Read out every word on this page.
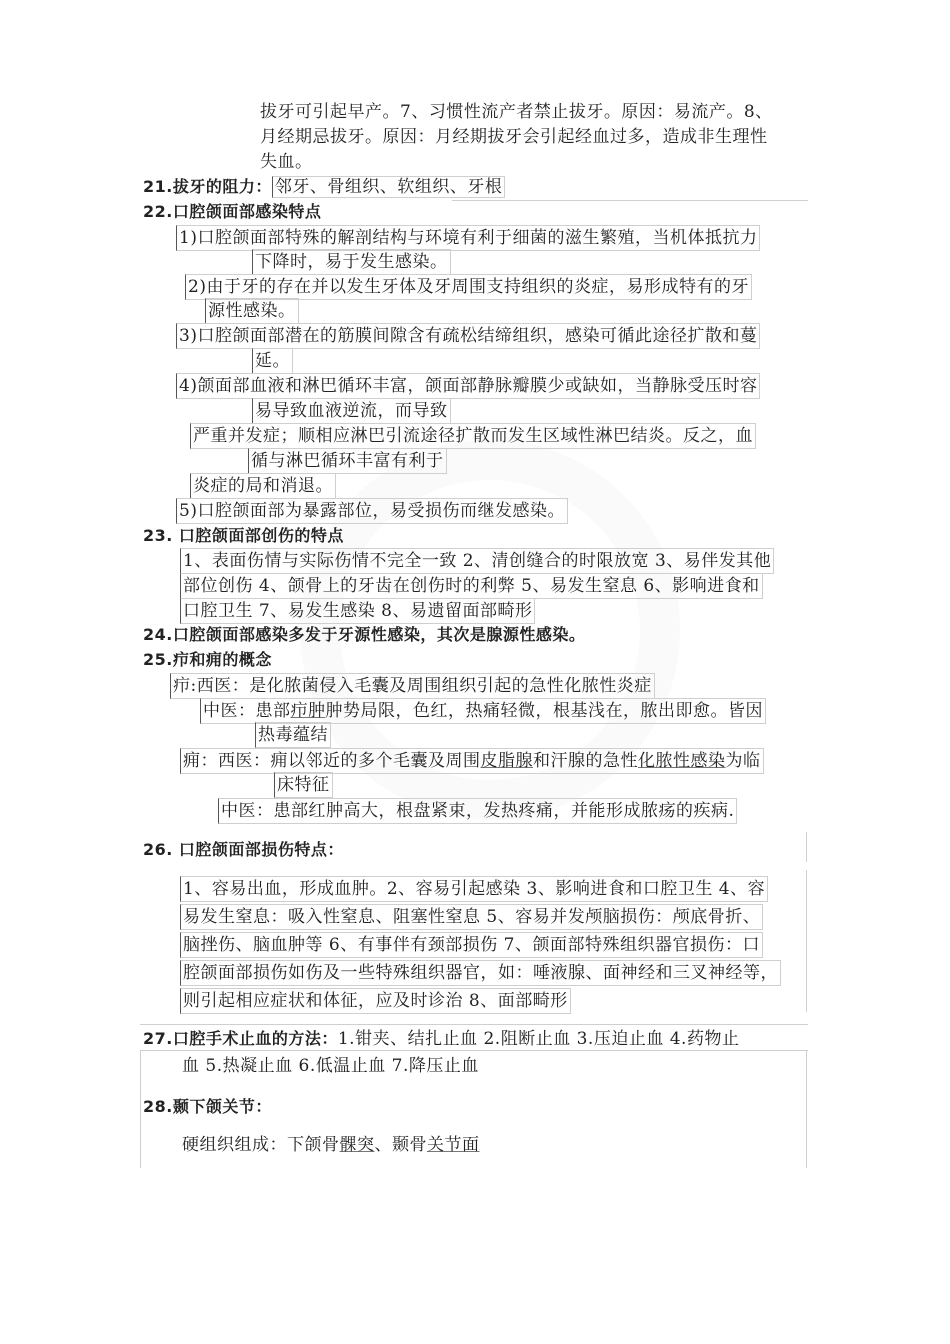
拔牙可引起早产。7、习惯性流产者禁止拔牙。原因：易流产。8、
月经期忌拔牙。原因：月经期拔牙会引起经血过多，造成非生理性
失血。
21.拔牙的阻力： 邻牙、骨组织、软组织、牙根
22.口腔颌面部感染特点
1)口腔颌面部特殊的解剖结构与环境有利于细菌的滋生繁殖，当机体抵抗力
下降时，易于发生感染。
2)由于牙的存在并以发生牙体及牙周围支持组织的炎症，易形成特有的牙
源性感染。
3)口腔颌面部潜在的筋膜间隙含有疏松结缔组织，感染可循此途径扩散和蔓
延。
4)颌面部血液和淋巴循环丰富，颌面部静脉瓣膜少或缺如，当静脉受压时容
易导致血液逆流，而导致
严重并发症；顺相应淋巴引流途径扩散而发生区域性淋巴结炎。反之，血
循与淋巴循环丰富有利于
炎症的局和消退。
5)口腔颌面部为暴露部位，易受损伤而继发感染。
23. 口腔颌面部创伤的特点
1、表面伤情与实际伤情不完全一致 2、清创缝合的时限放宽 3、易伴发其他
部位创伤 4、颌骨上的牙齿在创伤时的利弊 5、易发生窒息 6、影响进食和
口腔卫生 7、易发生感染 8、易遗留面部畸形
24.口腔颌面部感染多发于牙源性感染，其次是腺源性感染。
25.疖和痈的概念
疖:西医：是化脓菌侵入毛囊及周围组织引起的急性化脓性炎症
中医：患部疖肿肿势局限，色红，热痛轻微，根基浅在，脓出即愈。皆因
热毒蕴结
痈：西医：痈以邻近的多个毛囊及周围皮脂腺和汗腺的急性化脓性感染为临
床特征
中医：患部红肿高大，根盘紧束，发热疼痛，并能形成脓疡的疾病.
26. 口腔颌面部损伤特点：
1、容易出血，形成血肿。2、容易引起感染 3、影响进食和口腔卫生 4、容
易发生窒息：吸入性窒息、阻塞性窒息 5、容易并发颅脑损伤：颅底骨折、
脑挫伤、脑血肿等 6、有事伴有颈部损伤 7、颌面部特殊组织器官损伤：口
腔颌面部损伤如伤及一些特殊组织器官，如：唾液腺、面神经和三叉神经等，
则引起相应症状和体征，应及时诊治 8、面部畸形
27.口腔手术止血的方法：1.钳夹、结扎止血 2.阻断止血 3.压迫止血 4.药物止
血 5.热凝止血 6.低温止血 7.降压止血
28.颞下颌关节：
硬组织组成：下颌骨髁突、颞骨关节面
